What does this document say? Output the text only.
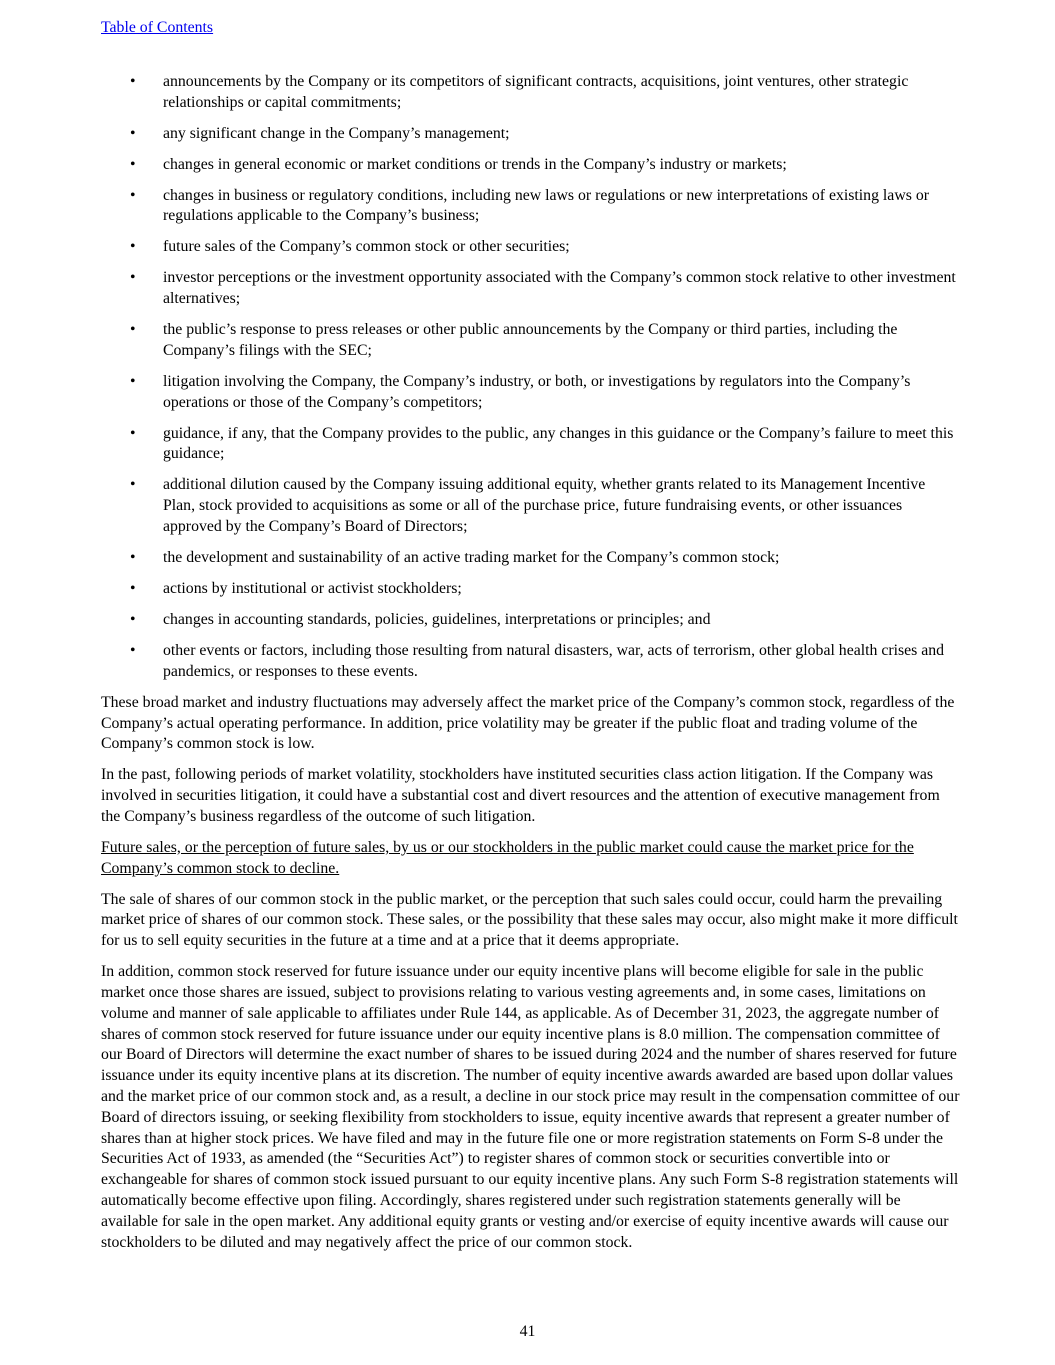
Table of Contents
• announcements by the Company or its competitors of significant contracts, acquisitions, joint ventures, other strategic relationships or capital commitments;
• any significant change in the Company’s management;
• changes in general economic or market conditions or trends in the Company’s industry or markets;
• changes in business or regulatory conditions, including new laws or regulations or new interpretations of existing laws or regulations applicable to the Company’s business;
• future sales of the Company’s common stock or other securities;
• investor perceptions or the investment opportunity associated with the Company’s common stock relative to other investment alternatives;
• the public’s response to press releases or other public announcements by the Company or third parties, including the Company’s filings with the SEC;
• litigation involving the Company, the Company’s industry, or both, or investigations by regulators into the Company’s operations or those of the Company’s competitors;
• guidance, if any, that the Company provides to the public, any changes in this guidance or the Company’s failure to meet this guidance;
• additional dilution caused by the Company issuing additional equity, whether grants related to its Management Incentive Plan, stock provided to acquisitions as some or all of the purchase price, future fundraising events, or other issuances approved by the Company’s Board of Directors;
• the development and sustainability of an active trading market for the Company’s common stock;
• actions by institutional or activist stockholders;
• changes in accounting standards, policies, guidelines, interpretations or principles; and
• other events or factors, including those resulting from natural disasters, war, acts of terrorism, other global health crises and pandemics, or responses to these events.

These broad market and industry fluctuations may adversely affect the market price of the Company’s common stock, regardless of the Company’s actual operating performance. In addition, price volatility may be greater if the public float and trading volume of the Company’s common stock is low.

In the past, following periods of market volatility, stockholders have instituted securities class action litigation. If the Company was involved in securities litigation, it could have a substantial cost and divert resources and the attention of executive management from the Company’s business regardless of the outcome of such litigation.

Future sales, or the perception of future sales, by us or our stockholders in the public market could cause the market price for the Company’s common stock to decline.

The sale of shares of our common stock in the public market, or the perception that such sales could occur, could harm the prevailing market price of shares of our common stock. These sales, or the possibility that these sales may occur, also might make it more difficult for us to sell equity securities in the future at a time and at a price that it deems appropriate.

In addition, common stock reserved for future issuance under our equity incentive plans will become eligible for sale in the public market once those shares are issued, subject to provisions relating to various vesting agreements and, in some cases, limitations on volume and manner of sale applicable to affiliates under Rule 144, as applicable. As of December 31, 2023, the aggregate number of shares of common stock reserved for future issuance under our equity incentive plans is 8.0 million. The compensation committee of our Board of Directors will determine the exact number of shares to be issued during 2024 and the number of shares reserved for future issuance under its equity incentive plans at its discretion. The number of equity incentive awards awarded are based upon dollar values and the market price of our common stock and, as a result, a decline in our stock price may result in the compensation committee of our Board of directors issuing, or seeking flexibility from stockholders to issue, equity incentive awards that represent a greater number of shares than at higher stock prices. We have filed and may in the future file one or more registration statements on Form S-8 under the Securities Act of 1933, as amended (the “Securities Act”) to register shares of common stock or securities convertible into or exchangeable for shares of common stock issued pursuant to our equity incentive plans. Any such Form S-8 registration statements will automatically become effective upon filing. Accordingly, shares registered under such registration statements generally will be available for sale in the open market. Any additional equity grants or vesting and/or exercise of equity incentive awards will cause our stockholders to be diluted and may negatively affect the price of our common stock.

41
